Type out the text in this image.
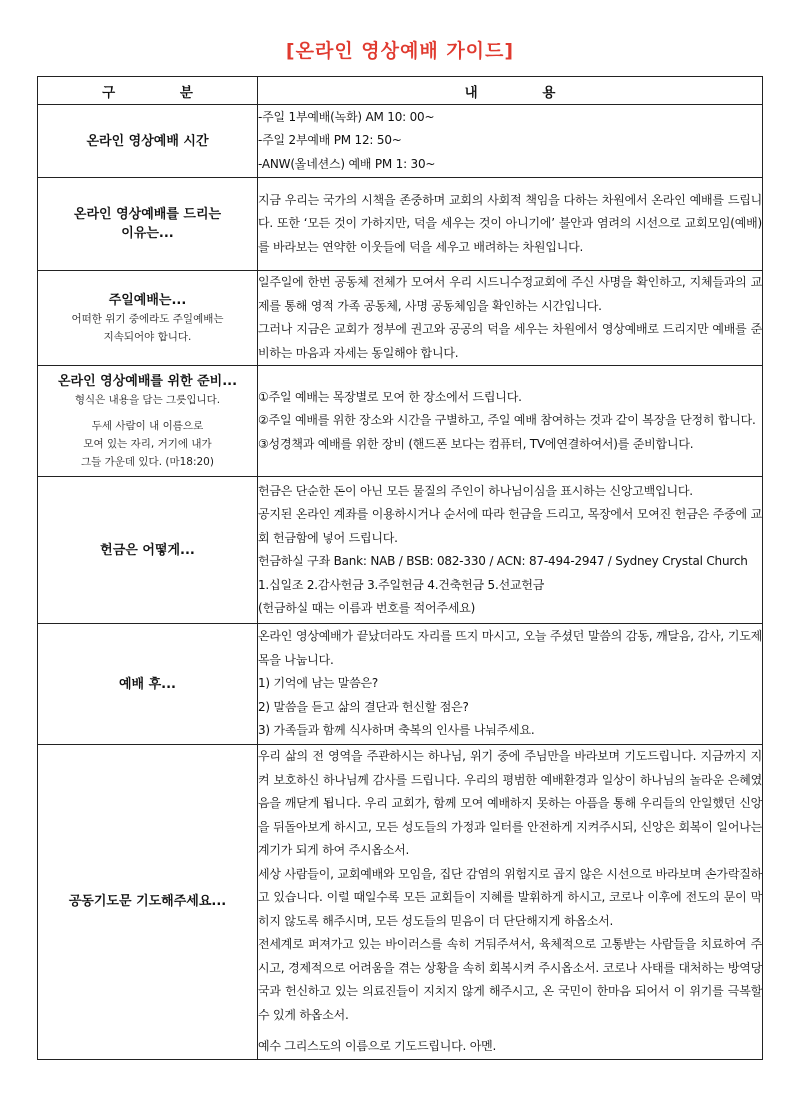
[온라인 영상예배 가이드]
구 분	내 용

온라인 영상예배 시간	-주일 1부예배(녹화) AM 10: 00~
-주일 2부예배 PM 12: 50~
-ANW(올네션스) 예배 PM 1: 30~

온라인 영상예배를 드리는
이유는...	지금 우리는 국가의 시책을 존중하며 교회의 사회적 책임을 다하는 차원에서 온라인 예배를 드립니다. 또한 ‘모든 것이 가하지만, 덕을 세우는 것이 아니기에’ 불안과 염려의 시선으로 교회모임(예배)를 바라보는 연약한 이웃들에 덕을 세우고 배려하는 차원입니다.

주일예배는...
어떠한 위기 중에라도 주일예배는
지속되어야 합니다.	일주일에 한번 공동체 전체가 모여서 우리 시드니수정교회에 주신 사명을 확인하고, 지체들과의 교제를 통해 영적 가족 공동체, 사명 공동체임을 확인하는 시간입니다.
그러나 지금은 교회가 정부에 권고와 공공의 덕을 세우는 차원에서 영상예배로 드리지만 예배를 준비하는 마음과 자세는 동일해야 합니다.

온라인 영상예배를 위한 준비...
형식은 내용을 담는 그릇입니다.
두세 사람이 내 이름으로
모여 있는 자리, 거기에 내가
그들 가운데 있다. (마18:20)	①주일 예배는 목장별로 모여 한 장소에서 드립니다.
②주일 예배를 위한 장소와 시간을 구별하고, 주일 예배 참여하는 것과 같이 복장을 단정히 합니다.
③성경책과 예배를 위한 장비 (핸드폰 보다는 컴퓨터, TV에연결하여서)를 준비합니다.

헌금은 어떻게...	헌금은 단순한 돈이 아닌 모든 물질의 주인이 하나님이심을 표시하는 신앙고백입니다.
공지된 온라인 계좌를 이용하시거나 순서에 따라 헌금을 드리고, 목장에서 모여진 헌금은 주중에 교회 헌금함에 넣어 드립니다.
헌금하실 구좌 Bank: NAB / BSB: 082-330 / ACN: 87-494-2947 / Sydney Crystal Church
1.십일조 2.감사헌금 3.주일헌금 4.건축헌금 5.선교헌금
(헌금하실 때는 이름과 번호를 적어주세요)

예배 후...	온라인 영상예배가 끝났더라도 자리를 뜨지 마시고, 오늘 주셨던 말씀의 감동, 깨달음, 감사, 기도제목을 나눕니다.
1) 기억에 남는 말씀은?
2) 말씀을 듣고 삶의 결단과 헌신할 점은?
3) 가족들과 함께 식사하며 축복의 인사를 나눠주세요.

공동기도문 기도해주세요...	우리 삶의 전 영역을 주관하시는 하나님, 위기 중에 주님만을 바라보며 기도드립니다. 지금까지 지켜 보호하신 하나님께 감사를 드립니다. 우리의 평범한 예배환경과 일상이 하나님의 놀라운 은혜였음을 깨닫게 됩니다. 우리 교회가, 함께 모여 예배하지 못하는 아픔을 통해 우리들의 안일했던 신앙을 뒤돌아보게 하시고, 모든 성도들의 가정과 일터를 안전하게 지켜주시되, 신앙은 회복이 일어나는 계기가 되게 하여 주시옵소서.
세상 사람들이, 교회예배와 모임을, 집단 감염의 위험지로 곱지 않은 시선으로 바라보며 손가락질하고 있습니다. 이럴 때일수록 모든 교회들이 지혜를 발휘하게 하시고, 코로나 이후에 전도의 문이 막히지 않도록 해주시며, 모든 성도들의 믿음이 더 단단해지게 하옵소서.
전세계로 퍼져가고 있는 바이러스를 속히 거둬주셔서, 육체적으로 고통받는 사람들을 치료하여 주시고, 경제적으로 어려움을 겪는 상황을 속히 회복시켜 주시옵소서. 코로나 사태를 대처하는 방역당국과 헌신하고 있는 의료진들이 지치지 않게 해주시고, 온 국민이 한마음 되어서 이 위기를 극복할 수 있게 하옵소서.
예수 그리스도의 이름으로 기도드립니다. 아멘.
